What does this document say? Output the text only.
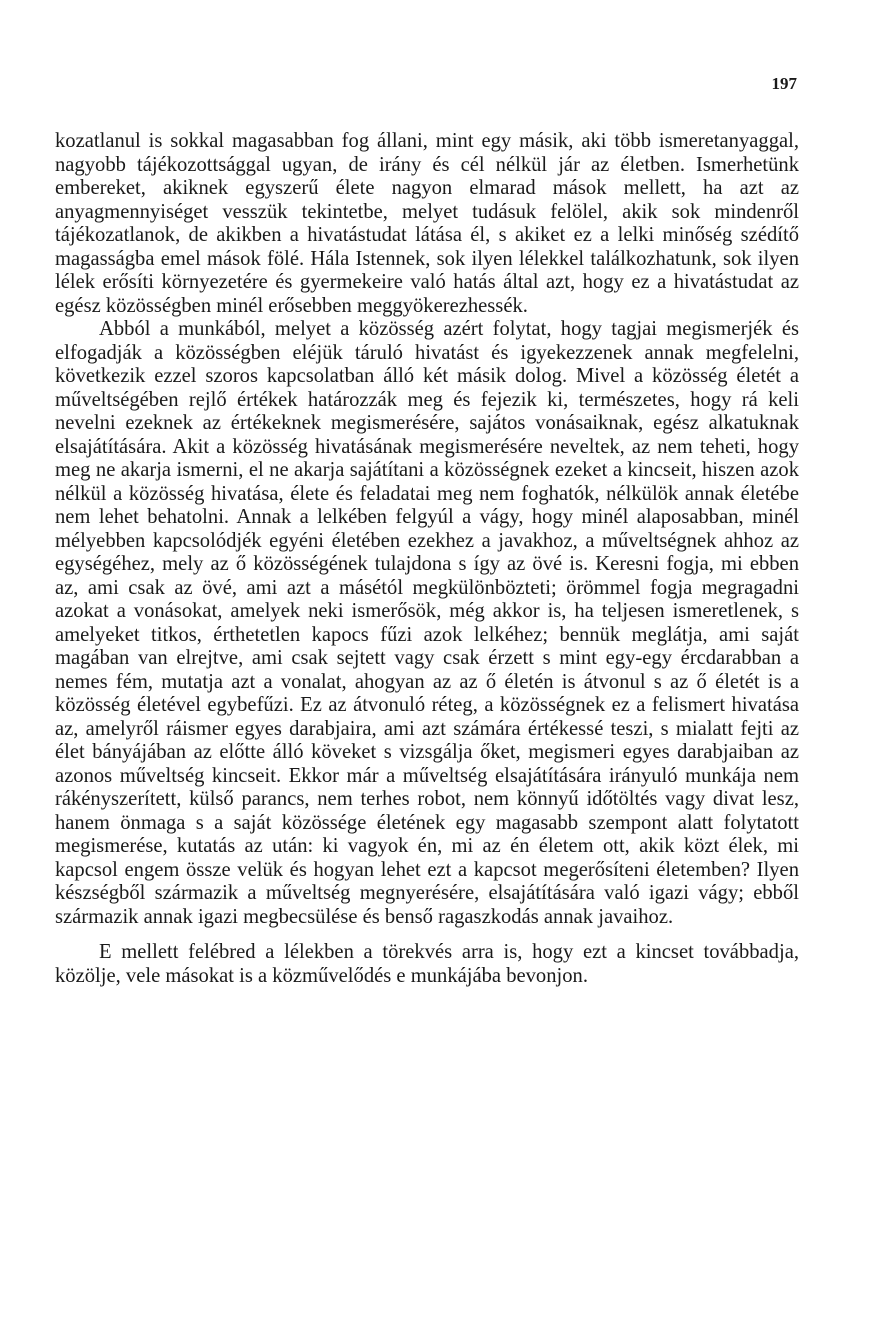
197

kozatlanul is sokkal magasabban fog állani, mint egy másik, aki több ismeretanyaggal, nagyobb tájékozottsággal ugyan, de irány és cél nélkül jár az életben. Ismerhetünk embereket, akiknek egyszerű élete nagyon elmarad mások mellett, ha azt az anyagmennyiséget vesszük tekintetbe, melyet tudásuk felölel, akik sok mindenről tájékozatlanok, de akikben a hivatástudat látása él, s akiket ez a lelki minőség szédítő magasságba emel mások fölé. Hála Istennek, sok ilyen lélekkel találkozhatunk, sok ilyen lélek erősíti környezetére és gyermekeire való hatás által azt, hogy ez a hivatástudat az egész közösségben minél erősebben meggyökerezhessék.

Abból a munkából, melyet a közösség azért folytat, hogy tagjai megismerjék és elfogadják a közösségben eléjük táruló hivatást és igyekezzenek annak megfelelni, következik ezzel szoros kapcsolatban álló két másik dolog. Mivel a közösség életét a műveltségében rejlő értékek határozzák meg és fejezik ki, természetes, hogy rá keli nevelni ezeknek az értékeknek megismerésére, sajátos vonásaiknak, egész alkatuknak elsajátítására. Akit a közösség hivatásának megismerésére neveltek, az nem teheti, hogy meg ne akarja ismerni, el ne akarja sajátítani a közösségnek ezeket a kincseit, hiszen azok nélkül a közösség hivatása, élete és feladatai meg nem foghatók, nélkülök annak életébe nem lehet behatolni. Annak a lelkében felgyúl a vágy, hogy minél alaposabban, minél mélyebben kapcsolódjék egyéni életében ezekhez a javakhoz, a műveltségnek ahhoz az egységéhez, mely az ő közösségének tulajdona s így az övé is. Keresni fogja, mi ebben az, ami csak az övé, ami azt a másétól megkülönbözteti; örömmel fogja megragadni azokat a vonásokat, amelyek neki ismerősök, még akkor is, ha teljesen ismeretlenek, s amelyeket titkos, érthetetlen kapocs fűzi azok lelkéhez; bennük meglátja, ami saját magában van elrejtve, ami csak sejtett vagy csak érzett s mint egy-egy ércdarabban a nemes fém, mutatja azt a vonalat, ahogyan az az ő életén is átvonul s az ő életét is a közösség életével egybefűzi. Ez az átvonuló réteg, a közösségnek ez a felismert hivatása az, amelyről ráismer egyes darabjaira, ami azt számára értékessé teszi, s mialatt fejti az élet bányájában az előtte álló köveket s vizsgálja őket, megismeri egyes darabjaiban az azonos műveltség kincseit. Ekkor már a műveltség elsajátítására irányuló munkája nem rákényszerített, külső parancs, nem terhes robot, nem könnyű időtöltés vagy divat lesz, hanem önmaga s a saját közössége életének egy magasabb szempont alatt folytatott megismerése, kutatás az után: ki vagyok én, mi az én életem ott, akik közt élek, mi kapcsol engem össze velük és hogyan lehet ezt a kapcsot megerősíteni életemben? Ilyen készségből származik a műveltség megnyerésére, elsajátítására való igazi vágy; ebből származik annak igazi megbecsülése és benső ragaszkodás annak javaihoz.

E mellett felébred a lélekben a törekvés arra is, hogy ezt a kincset továbbadja, közölje, vele másokat is a közművelődés e munkájába bevonjon.
